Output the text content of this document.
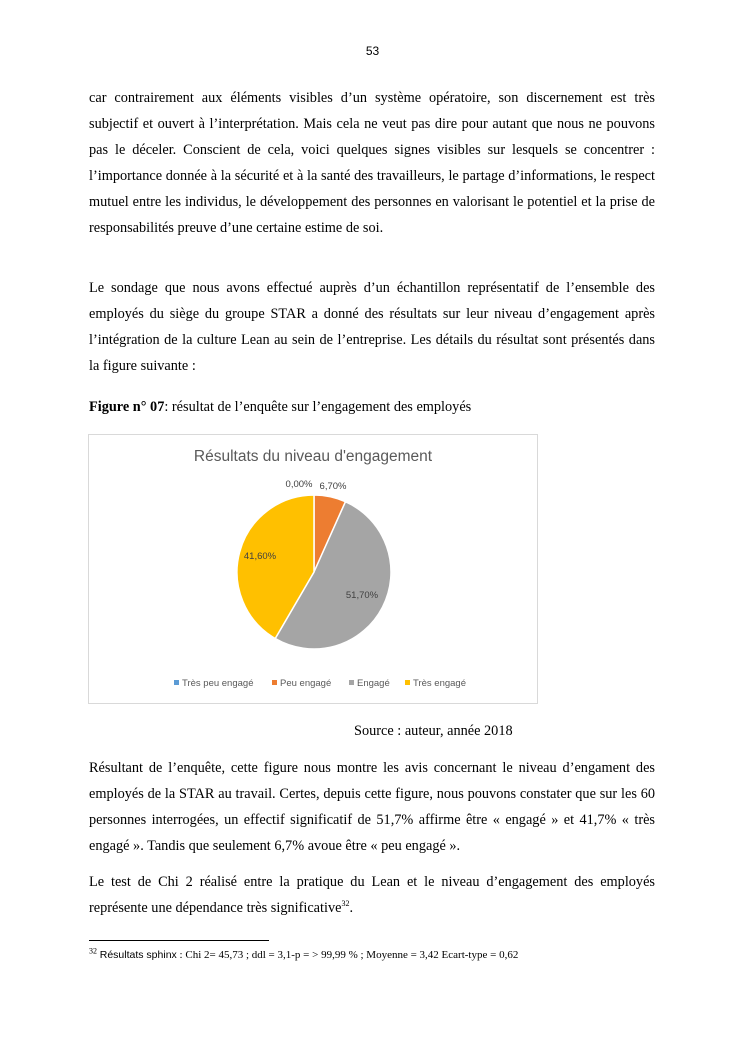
53

car contrairement aux éléments visibles d’un système opératoire, son discernement est très subjectif et ouvert à l’interprétation. Mais cela ne veut pas dire pour autant que nous ne pouvons pas le déceler. Conscient de cela, voici quelques signes visibles sur lesquels se concentrer : l’importance donnée à la sécurité et à la santé des travailleurs, le partage d’informations, le respect mutuel entre les individus, le développement des personnes en valorisant le potentiel et la prise de responsabilités preuve d’une certaine estime de soi.

Le sondage que nous avons effectué auprès d’un échantillon représentatif de l’ensemble des employés du siège du groupe STAR a donné des résultats sur leur niveau d’engagement après l’intégration de la culture Lean au sein de l’entreprise. Les détails du résultat sont présentés dans la figure suivante :

Figure n° 07: résultat de l’enquête sur l’engagement des employés
Résultats du niveau d'engagement
0,00% 6,70%
51,70%
41,60%
Très peu engagé	Peu engagé	Engagé Très engagé
Source : auteur, année 2018

Résultant de l’enquête, cette figure nous montre les avis concernant le niveau d’engament des employés de la STAR au travail. Certes, depuis cette figure, nous pouvons constater que sur les 60 personnes interrogées, un effectif significatif de 51,7% affirme être « engagé » et 41,7% « très engagé ». Tandis que seulement 6,7% avoue être « peu engagé ».

Le test de Chi 2 réalisé entre la pratique du Lean et le niveau d’engagement des employés représente une dépendance très significative$^{32}$.

$^{32}$ Résultats sphinx : Chi 2= 45,73 ; ddl = 3,1-p = > 99,99 % ; Moyenne = 3,42 Ecart-type = 0,62
